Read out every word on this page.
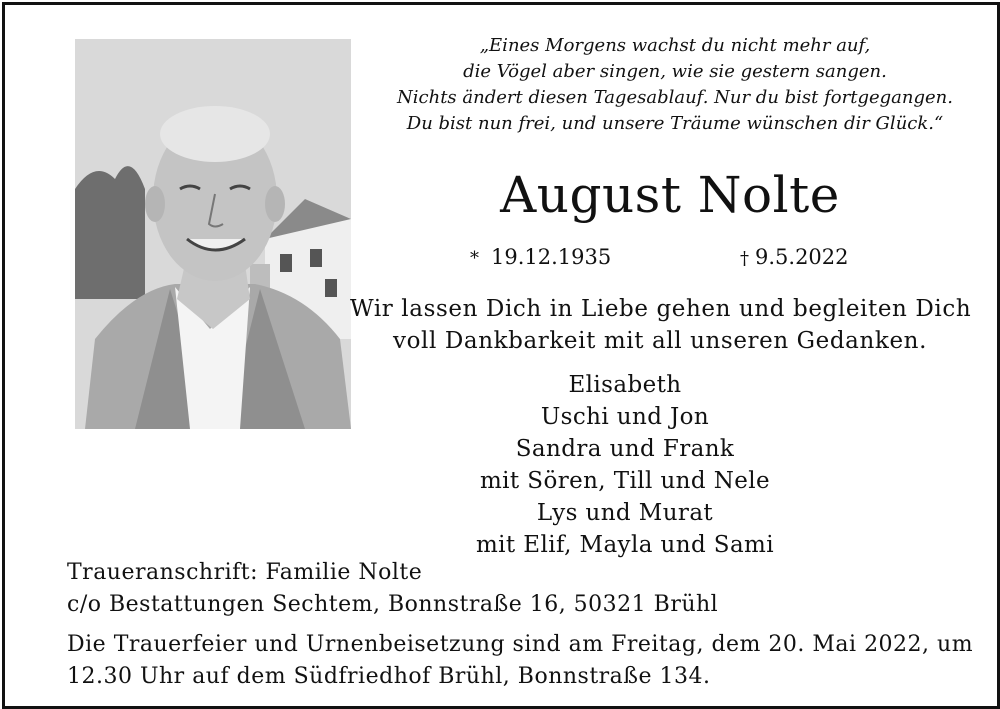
„Eines Morgens wachst du nicht mehr auf,
die Vögel aber singen, wie sie gestern sangen.
Nichts ändert diesen Tagesablauf. Nur du bist fortgegangen.
Du bist nun frei, und unsere Träume wünschen dir Glück.“
August Nolte
* 19.12.1935	† 9.5.2022
Wir lassen Dich in Liebe gehen und begleiten Dich
voll Dankbarkeit mit all unseren Gedanken.
Elisabeth
Uschi und Jon
Sandra und Frank
mit Sören, Till und Nele
Lys und Murat
mit Elif, Mayla und Sami
Traueranschrift: Familie Nolte
c/o Bestattungen Sechtem, Bonnstraße 16, 50321 Brühl
Die Trauerfeier und Urnenbeisetzung sind am Freitag, dem 20. Mai 2022, um
12.30 Uhr auf dem Südfriedhof Brühl, Bonnstraße 134.
